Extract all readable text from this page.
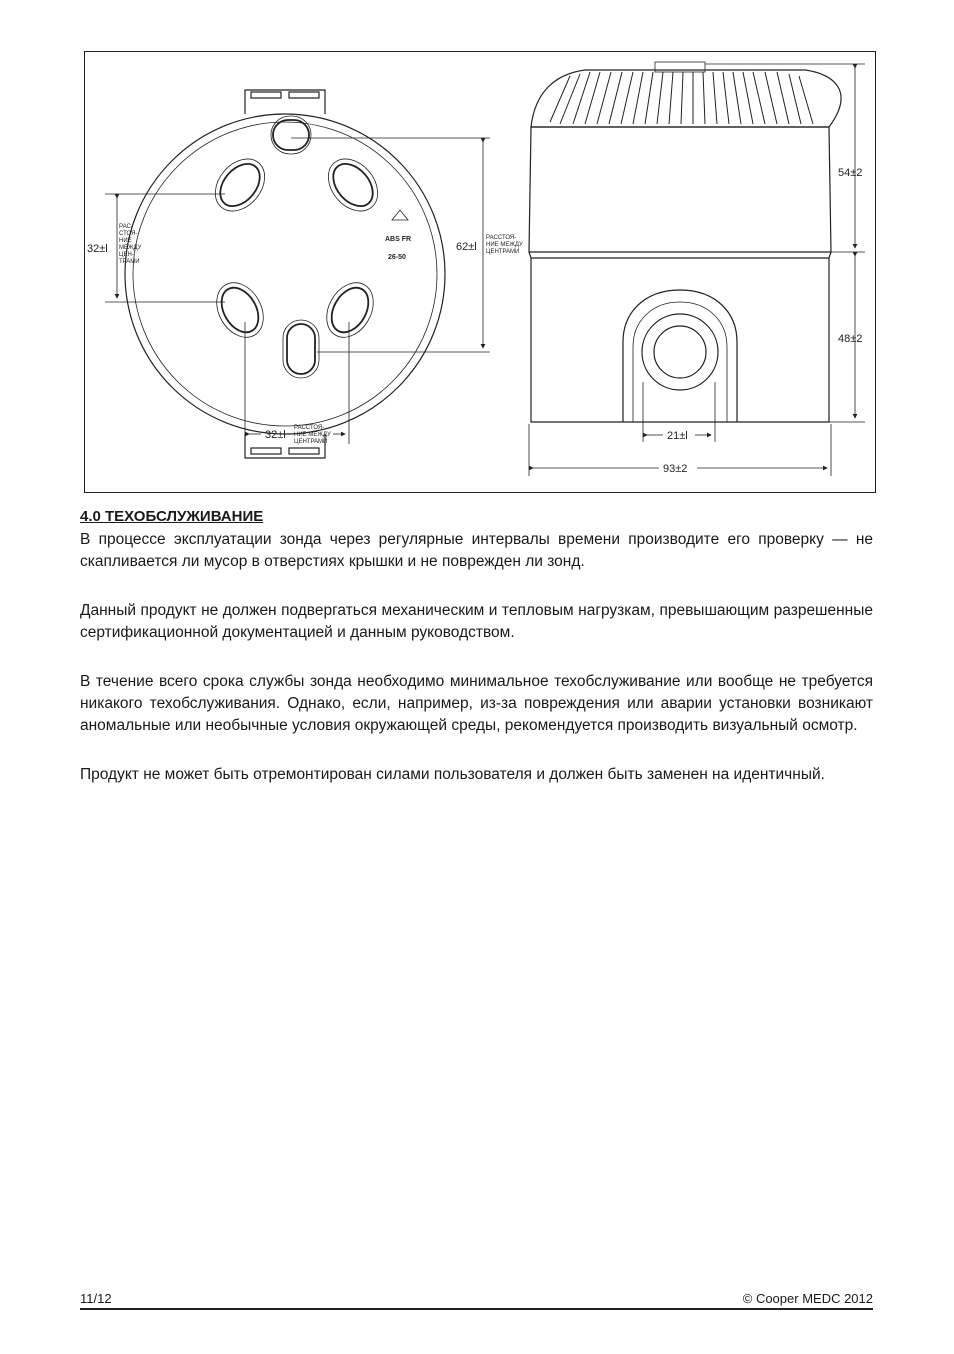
32±l
РАС-
СТОЯ-
НИЕ
МЕЖДУ
ЦЕН-
ТРАМИ
62±l
РАССТОЯ-
НИЕ МЕЖДУ
ЦЕНТРАМИ
ABS FR
26-50
32±l
РАССТОЯ-
НИЕ МЕЖДУ
ЦЕНТРАМИ
54±2
48±2
21±l
93±2
4.0 ТЕХОБСЛУЖИВАНИЕ

В процессе эксплуатации зонда через регулярные интервалы времени производите его проверку — не скапливается ли мусор в отверстиях крышки и не поврежден ли зонд.

Данный продукт не должен подвергаться механическим и тепловым нагрузкам, превышающим разрешенные сертификационной документацией и данным руководством.

В течение всего срока службы зонда необходимо минимальное техобслуживание или вообще не требуется никакого техобслуживания. Однако, если, например, из-за повреждения или аварии установки возникают аномальные или необычные условия окружающей среды, рекомендуется производить визуальный осмотр.

Продукт не может быть отремонтирован силами пользователя и должен быть заменен на идентичный.

11/12	© Cooper MEDC 2012
